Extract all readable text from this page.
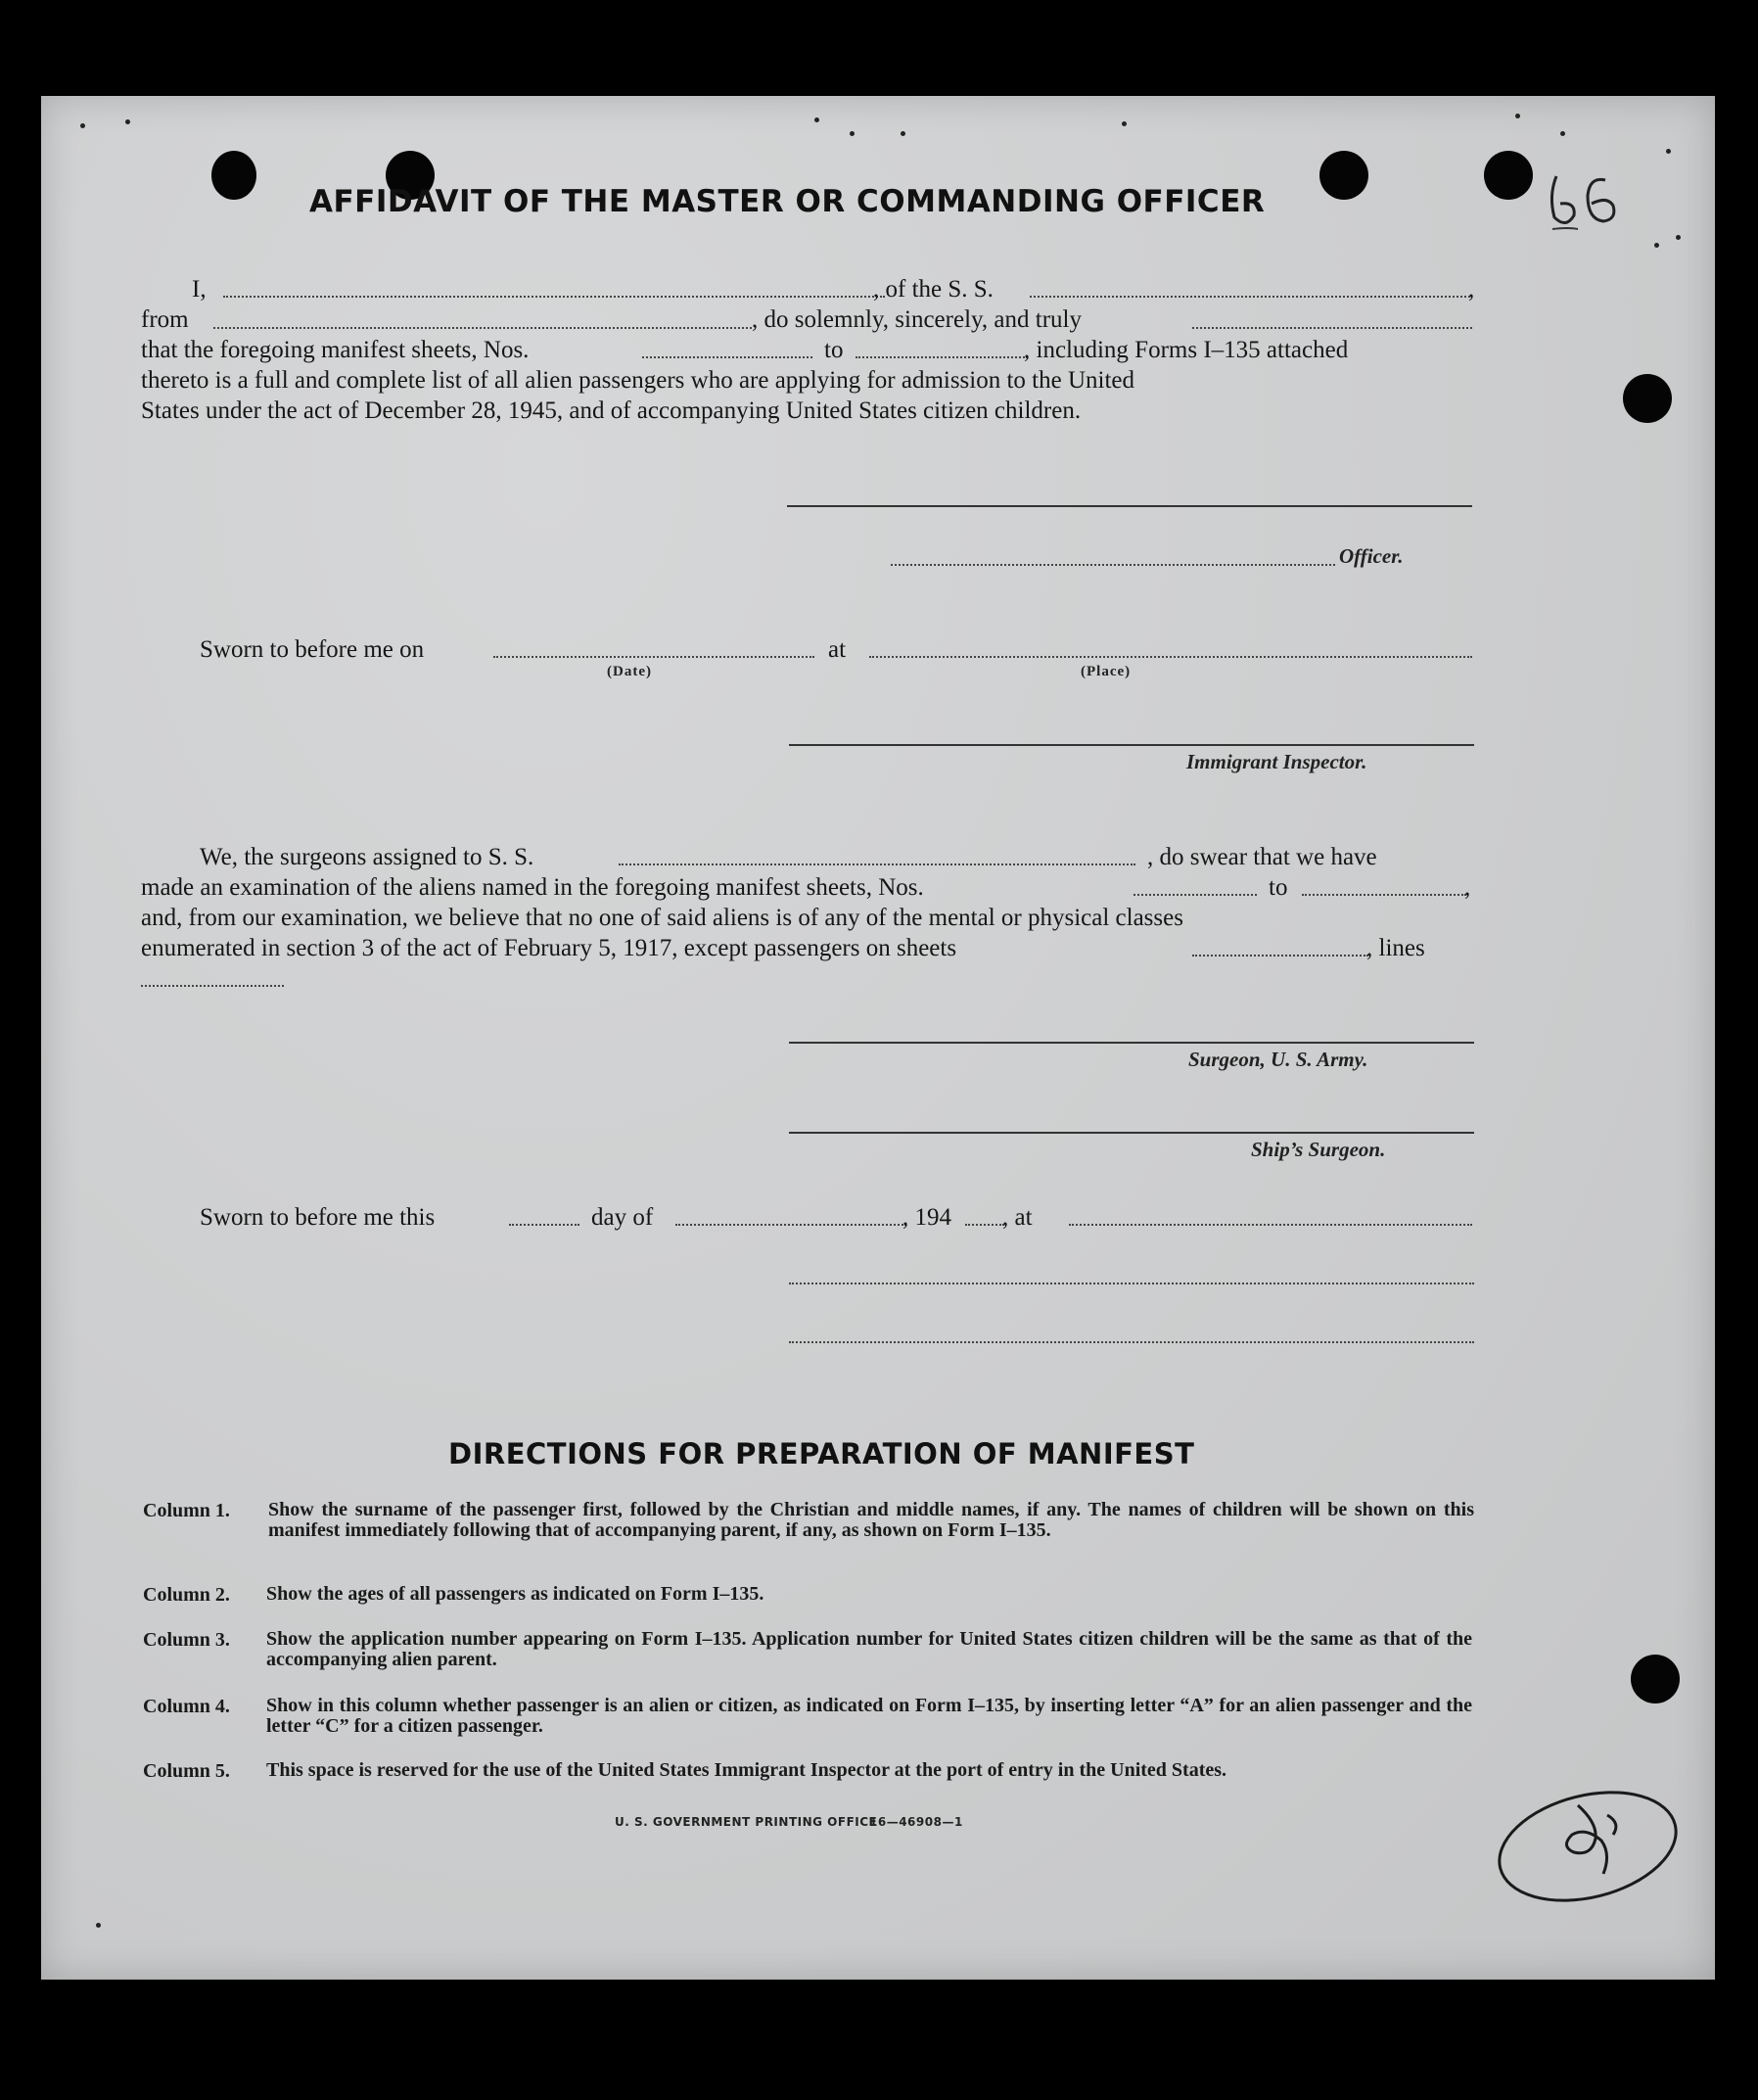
AFFIDAVIT OF THE MASTER OR COMMANDING OFFICER
I,	, of the S. S.	,
from	, do solemnly, sincerely, and truly
that the foregoing manifest sheets, Nos.	to	, including Forms I–135 attached
thereto is a full and complete list of all alien passengers who are applying for admission to the United
States under the act of December 28, 1945, and of accompanying United States citizen children.
Officer.
Sworn to before me on
(Date)
at
(Place)
Immigrant Inspector.
We, the surgeons assigned to S. S.	, do swear that we have
made an examination of the aliens named in the foregoing manifest sheets, Nos.	to	,
and, from our examination, we believe that no one of said aliens is of any of the mental or physical classes
enumerated in section 3 of the act of February 5, 1917, except passengers on sheets	, lines
Surgeon, U. S. Army.
Ship’s Surgeon.
Sworn to before me this	day of	, 194 , at
DIRECTIONS FOR PREPARATION OF MANIFEST
Column 1. Show the surname of the passenger first, followed by the Christian and middle names, if any. The names of children will be shown on this manifest immediately following that of accompanying parent, if any, as shown on Form I–135.
Column 2. Show the ages of all passengers as indicated on Form I–135.
Column 3. Show the application number appearing on Form I–135. Application number for United States citizen children will be the same as that of the accompanying alien parent.
Column 4. Show in this column whether passenger is an alien or citizen, as indicated on Form I–135, by inserting letter “A” for an alien passenger and the letter “C” for a citizen passenger.
Column 5. This space is reserved for the use of the United States Immigrant Inspector at the port of entry in the United States.
U. S. GOVERNMENT PRINTING OFFICE
16—46908—1
